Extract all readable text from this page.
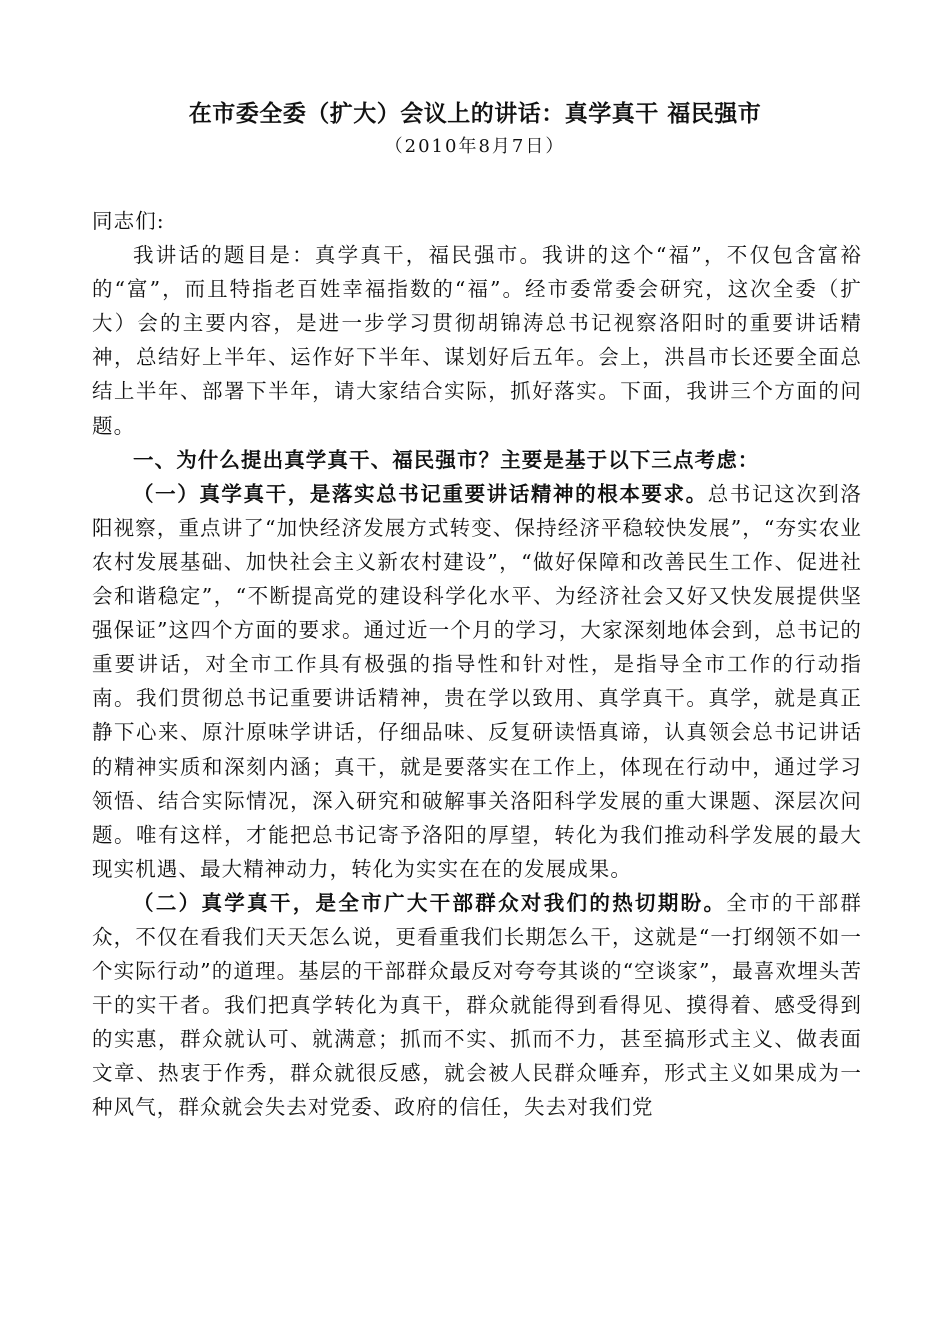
在市委全委（扩大）会议上的讲话：真学真干 福民强市
（2010年8月7日）

同志们:

我讲话的题目是：真学真干，福民强市。我讲的这个“福”，不仅包含富裕的“富”，而且特指老百姓幸福指数的“福”。经市委常委会研究，这次全委（扩大）会的主要内容，是进一步学习贯彻胡锦涛总书记视察洛阳时的重要讲话精神，总结好上半年、运作好下半年、谋划好后五年。会上，洪昌市长还要全面总结上半年、部署下半年，请大家结合实际，抓好落实。下面，我讲三个方面的问题。

一、为什么提出真学真干、福民强市？主要是基于以下三点考虑：

（一）真学真干，是落实总书记重要讲话精神的根本要求。总书记这次到洛阳视察，重点讲了“加快经济发展方式转变、保持经济平稳较快发展”，“夯实农业农村发展基础、加快社会主义新农村建设”，“做好保障和改善民生工作、促进社会和谐稳定”，“不断提高党的建设科学化水平、为经济社会又好又快发展提供坚强保证”这四个方面的要求。通过近一个月的学习，大家深刻地体会到，总书记的重要讲话，对全市工作具有极强的指导性和针对性，是指导全市工作的行动指南。我们贯彻总书记重要讲话精神，贵在学以致用、真学真干。真学，就是真正静下心来、原汁原味学讲话，仔细品味、反复研读悟真谛，认真领会总书记讲话的精神实质和深刻内涵；真干，就是要落实在工作上，体现在行动中，通过学习领悟、结合实际情况，深入研究和破解事关洛阳科学发展的重大课题、深层次问题。唯有这样，才能把总书记寄予洛阳的厚望，转化为我们推动科学发展的最大现实机遇、最大精神动力，转化为实实在在的发展成果。

（二）真学真干，是全市广大干部群众对我们的热切期盼。全市的干部群众，不仅在看我们天天怎么说，更看重我们长期怎么干，这就是“一打纲领不如一个实际行动”的道理。基层的干部群众最反对夸夸其谈的“空谈家”，最喜欢埋头苦干的实干者。我们把真学转化为真干，群众就能得到看得见、摸得着、感受得到的实惠，群众就认可、就满意；抓而不实、抓而不力，甚至搞形式主义、做表面文章、热衷于作秀，群众就很反感，就会被人民群众唾弃，形式主义如果成为一种风气，群众就会失去对党委、政府的信任，失去对我们党
